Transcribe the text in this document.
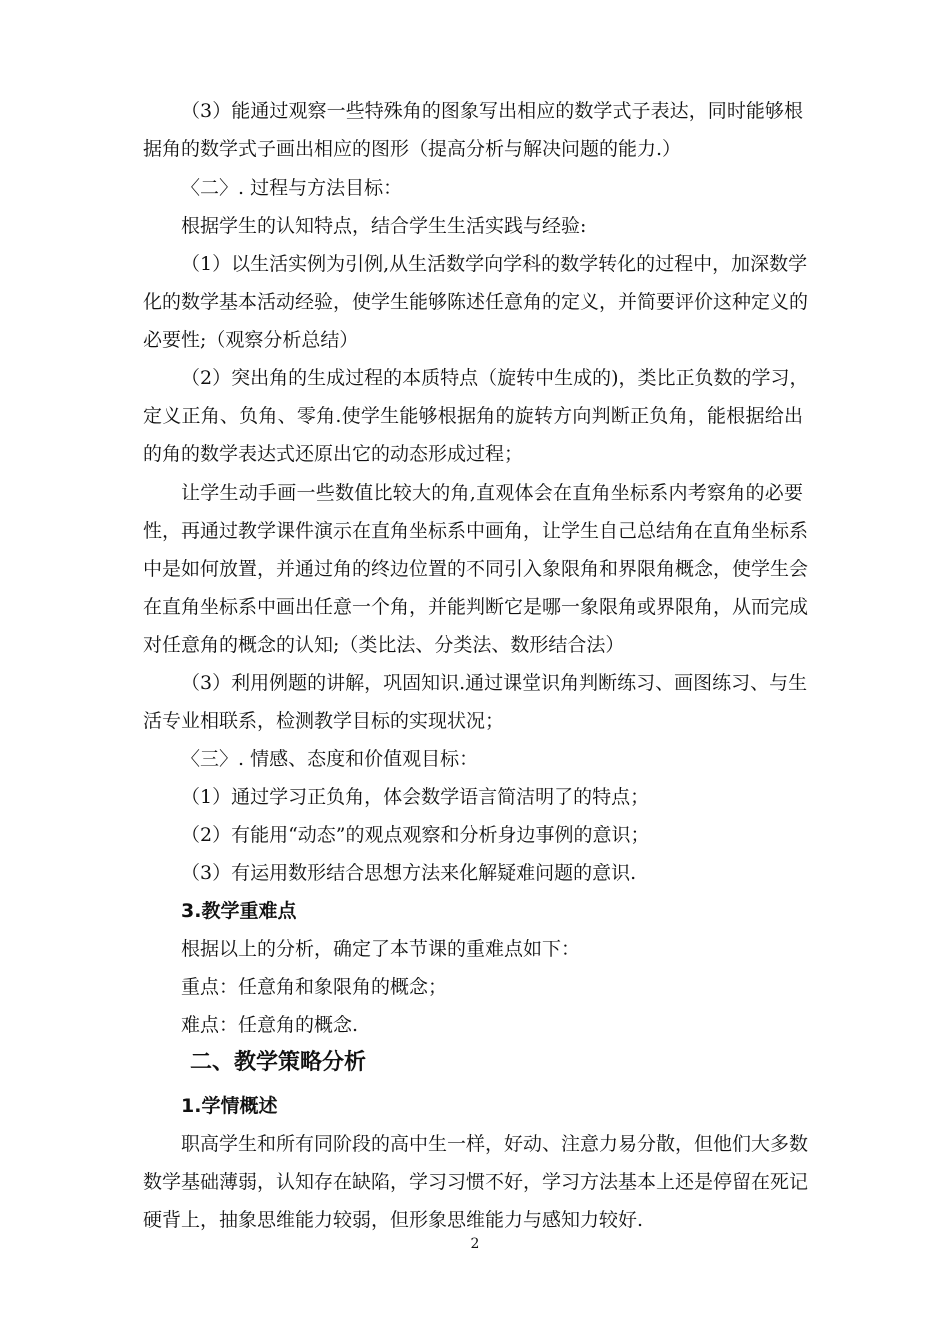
（3）能通过观察一些特殊角的图象写出相应的数学式子表达，同时能够根
据角的数学式子画出相应的图形（提高分析与解决问题的能力.）
〈二〉. 过程与方法目标：
根据学生的认知特点，结合学生生活实践与经验:
（1）以生活实例为引例,从生活数学向学科的数学转化的过程中，加深数学
化的数学基本活动经验，使学生能够陈述任意角的定义，并简要评价这种定义的
必要性;（观察分析总结）
（2）突出角的生成过程的本质特点（旋转中生成的)，类比正负数的学习，
定义正角、负角、零角.使学生能够根据角的旋转方向判断正负角，能根据给出
的角的数学表达式还原出它的动态形成过程；
让学生动手画一些数值比较大的角,直观体会在直角坐标系内考察角的必要
性，再通过教学课件演示在直角坐标系中画角，让学生自己总结角在直角坐标系
中是如何放置，并通过角的终边位置的不同引入象限角和界限角概念，使学生会
在直角坐标系中画出任意一个角，并能判断它是哪一象限角或界限角，从而完成
对任意角的概念的认知;（类比法、分类法、数形结合法）
（3）利用例题的讲解，巩固知识.通过课堂识角判断练习、画图练习、与生
活专业相联系，检测教学目标的实现状况；
〈三〉. 情感、态度和价值观目标：
（1）通过学习正负角，体会数学语言简洁明了的特点；
（2）有能用“动态”的观点观察和分析身边事例的意识；
（3）有运用数形结合思想方法来化解疑难问题的意识.
3.教学重难点
根据以上的分析，确定了本节课的重难点如下：
重点：任意角和象限角的概念；
难点：任意角的概念.
二、教学策略分析
1.学情概述
职高学生和所有同阶段的高中生一样，好动、注意力易分散，但他们大多数
数学基础薄弱，认知存在缺陷，学习习惯不好，学习方法基本上还是停留在死记
硬背上，抽象思维能力较弱，但形象思维能力与感知力较好.
2
